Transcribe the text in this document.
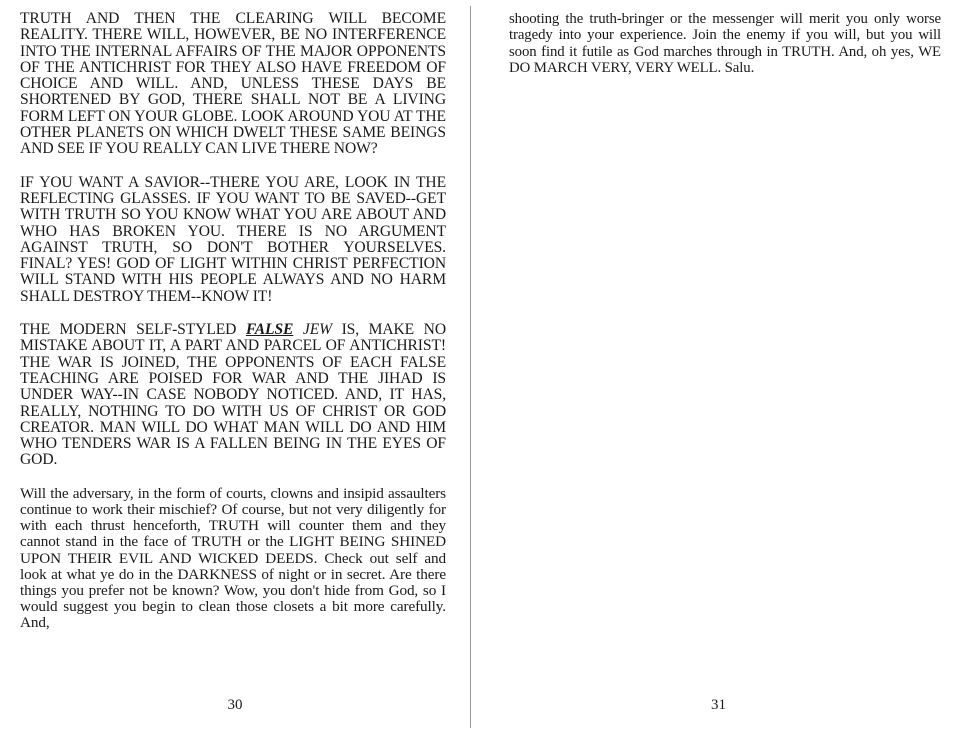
TRUTH AND THEN THE CLEARING WILL BECOME REALITY. THERE WILL, HOWEVER, BE NO INTERFERENCE INTO THE INTERNAL AFFAIRS OF THE MAJOR OPPONENTS OF THE ANTICHRIST FOR THEY ALSO HAVE FREEDOM OF CHOICE AND WILL. AND, UNLESS THESE DAYS BE SHORTENED BY GOD, THERE SHALL NOT BE A LIVING FORM LEFT ON YOUR GLOBE. LOOK AROUND YOU AT THE OTHER PLANETS ON WHICH DWELT THESE SAME BEINGS AND SEE IF YOU REALLY CAN LIVE THERE NOW?

IF YOU WANT A SAVIOR--THERE YOU ARE, LOOK IN THE REFLECTING GLASSES. IF YOU WANT TO BE SAVED--GET WITH TRUTH SO YOU KNOW WHAT YOU ARE ABOUT AND WHO HAS BROKEN YOU. THERE IS NO ARGUMENT AGAINST TRUTH, SO DON'T BOTHER YOURSELVES. FINAL? YES! GOD OF LIGHT WITHIN CHRIST PERFECTION WILL STAND WITH HIS PEOPLE ALWAYS AND NO HARM SHALL DESTROY THEM--KNOW IT!

THE MODERN SELF-STYLED FALSE JEW IS, MAKE NO MISTAKE ABOUT IT, A PART AND PARCEL OF ANTICHRIST! THE WAR IS JOINED, THE OPPONENTS OF EACH FALSE TEACHING ARE POISED FOR WAR AND THE JIHAD IS UNDER WAY--IN CASE NOBODY NOTICED. AND, IT HAS, REALLY, NOTHING TO DO WITH US OF CHRIST OR GOD CREATOR. MAN WILL DO WHAT MAN WILL DO AND HIM WHO TENDERS WAR IS A FALLEN BEING IN THE EYES OF GOD.

Will the adversary, in the form of courts, clowns and insipid assaulters continue to work their mischief? Of course, but not very diligently for with each thrust henceforth, TRUTH will counter them and they cannot stand in the face of TRUTH or the LIGHT BEING SHINED UPON THEIR EVIL AND WICKED DEEDS. Check out self and look at what ye do in the DARKNESS of night or in secret. Are there things you prefer not be known? Wow, you don't hide from God, so I would suggest you begin to clean those closets a bit more carefully. And,

30

shooting the truth-bringer or the messenger will merit you only worse tragedy into your experience. Join the enemy if you will, but you will soon find it futile as God marches through in TRUTH. And, oh yes, WE DO MARCH VERY, VERY WELL. Salu.

31
